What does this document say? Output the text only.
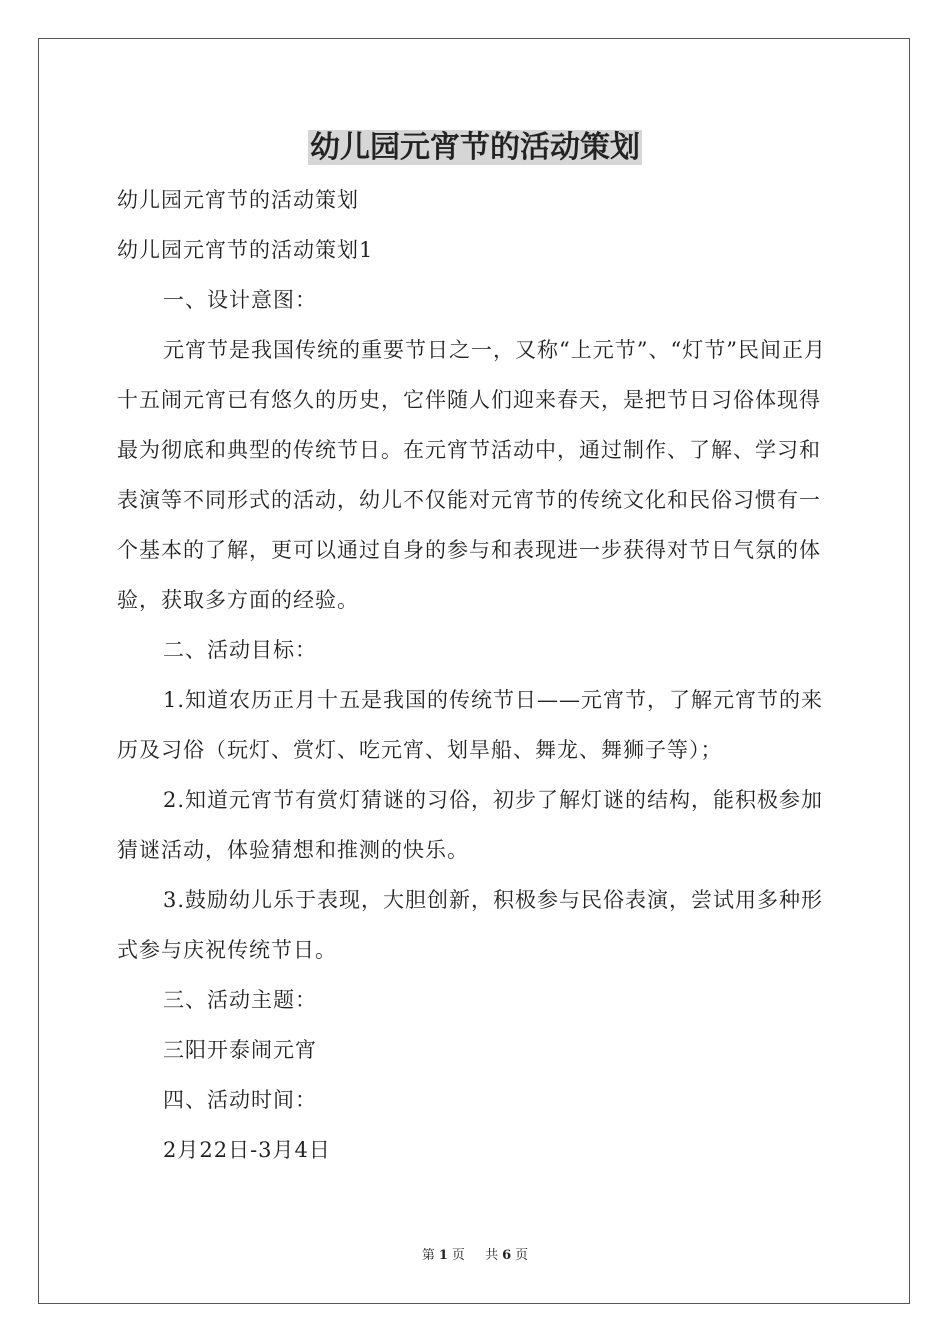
幼儿园元宵节的活动策划

幼儿园元宵节的活动策划

幼儿园元宵节的活动策划1

一、设计意图：

元宵节是我国传统的重要节日之一，又称“上元节”、“灯节”民间正月十五闹元宵已有悠久的历史，它伴随人们迎来春天，是把节日习俗体现得最为彻底和典型的传统节日。在元宵节活动中，通过制作、了解、学习和表演等不同形式的活动，幼儿不仅能对元宵节的传统文化和民俗习惯有一个基本的了解，更可以通过自身的参与和表现进一步获得对节日气氛的体验，获取多方面的经验。

二、活动目标：

1.知道农历正月十五是我国的传统节日——元宵节，了解元宵节的来历及习俗（玩灯、赏灯、吃元宵、划旱船、舞龙、舞狮子等）；

2.知道元宵节有赏灯猜谜的习俗，初步了解灯谜的结构，能积极参加猜谜活动，体验猜想和推测的快乐。

3.鼓励幼儿乐于表现，大胆创新，积极参与民俗表演，尝试用多种形式参与庆祝传统节日。

三、活动主题：

三阳开泰闹元宵

四、活动时间：

2月22日-3月4日

第 1 页 共 6 页
